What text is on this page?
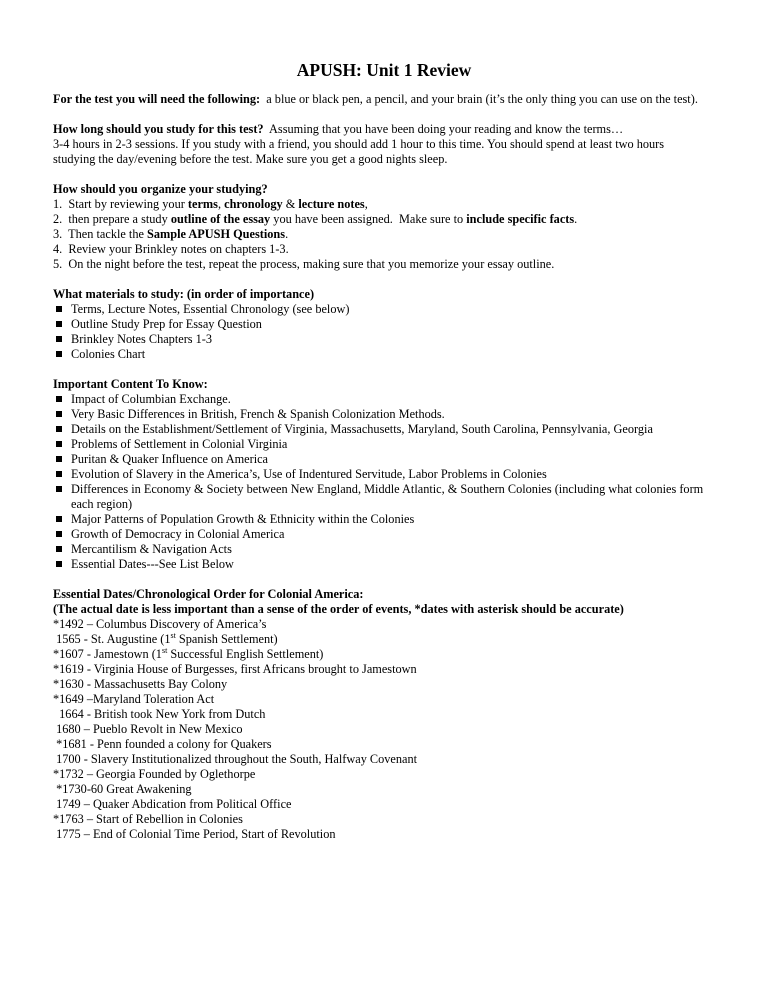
APUSH: Unit 1 Review
For the test you will need the following:  a blue or black pen, a pencil, and your brain (it’s the only thing you can use on the test).
How long should you study for this test?  Assuming that you have been doing your reading and know the terms…
3-4 hours in 2-3 sessions. If you study with a friend, you should add 1 hour to this time. You should spend at least two hours
studying the day/evening before the test. Make sure you get a good nights sleep.
How should you organize your studying?
1.  Start by reviewing your terms, chronology & lecture notes,
2.  then prepare a study outline of the essay you have been assigned.  Make sure to include specific facts.
3.  Then tackle the Sample APUSH Questions.
4.  Review your Brinkley notes on chapters 1-3.
5.  On the night before the test, repeat the process, making sure that you memorize your essay outline.
What materials to study: (in order of importance)
Terms, Lecture Notes, Essential Chronology (see below)
Outline Study Prep for Essay Question
Brinkley Notes Chapters 1-3
Colonies Chart
Important Content To Know:
Impact of Columbian Exchange.
Very Basic Differences in British, French & Spanish Colonization Methods.
Details on the Establishment/Settlement of Virginia, Massachusetts, Maryland, South Carolina, Pennsylvania, Georgia
Problems of Settlement in Colonial Virginia
Puritan & Quaker Influence on America
Evolution of Slavery in the America’s, Use of Indentured Servitude, Labor Problems in Colonies
Differences in Economy & Society between New England, Middle Atlantic, & Southern Colonies (including what colonies form each region)
Major Patterns of Population Growth & Ethnicity within the Colonies
Growth of Democracy in Colonial America
Mercantilism & Navigation Acts
Essential Dates---See List Below
Essential Dates/Chronological Order for Colonial America:
(The actual date is less important than a sense of the order of events, *dates with asterisk should be accurate)
*1492 – Columbus Discovery of America’s
1565 - St. Augustine (1st Spanish Settlement)
*1607 - Jamestown (1st Successful English Settlement)
*1619 - Virginia House of Burgesses, first Africans brought to Jamestown
*1630 - Massachusetts Bay Colony
*1649 –Maryland Toleration Act
1664 - British took New York from Dutch
1680 – Pueblo Revolt in New Mexico
*1681 - Penn founded a colony for Quakers
1700 - Slavery Institutionalized throughout the South, Halfway Covenant
*1732 – Georgia Founded by Oglethorpe
*1730-60 Great Awakening
1749 – Quaker Abdication from Political Office
*1763 – Start of Rebellion in Colonies
1775 – End of Colonial Time Period, Start of Revolution
